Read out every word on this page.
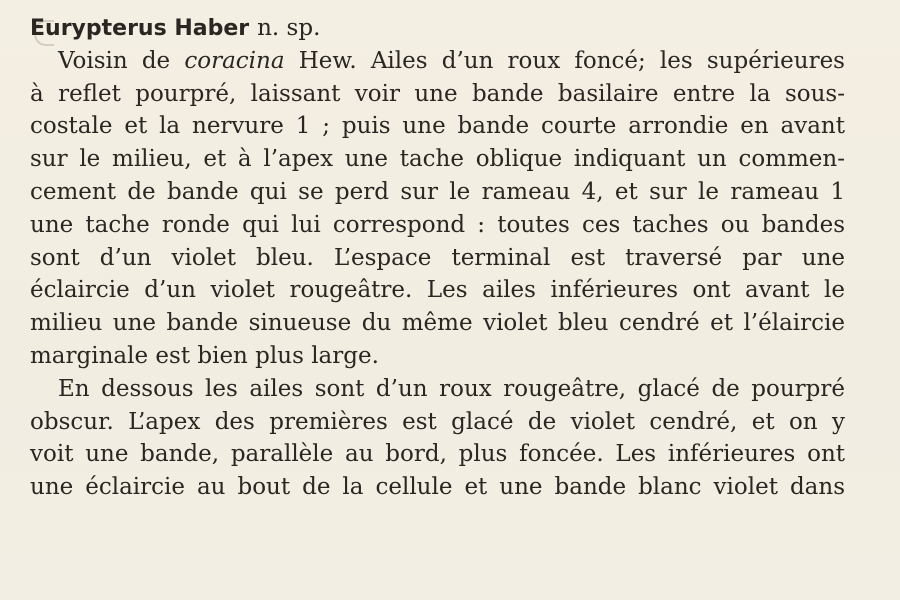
Eurypterus Haber n. sp.
Voisin de coracina Hew. Ailes d’un roux foncé; les supérieures
à reflet pourpré, laissant voir une bande basilaire entre la sous-
costale et la nervure 1 ; puis une bande courte arrondie en avant
sur le milieu, et à l’apex une tache oblique indiquant un commen-
cement de bande qui se perd sur le rameau 4, et sur le rameau 1
une tache ronde qui lui correspond : toutes ces taches ou bandes
sont d’un violet bleu. L’espace terminal est traversé par une
éclaircie d’un violet rougeâtre. Les ailes inférieures ont avant le
milieu une bande sinueuse du même violet bleu cendré et l’élaircie
marginale est bien plus large.
En dessous les ailes sont d’un roux rougeâtre, glacé de pourpré
obscur. L’apex des premières est glacé de violet cendré, et on y
voit une bande, parallèle au bord, plus foncée. Les inférieures ont
une éclaircie au bout de la cellule et une bande blanc violet dans
